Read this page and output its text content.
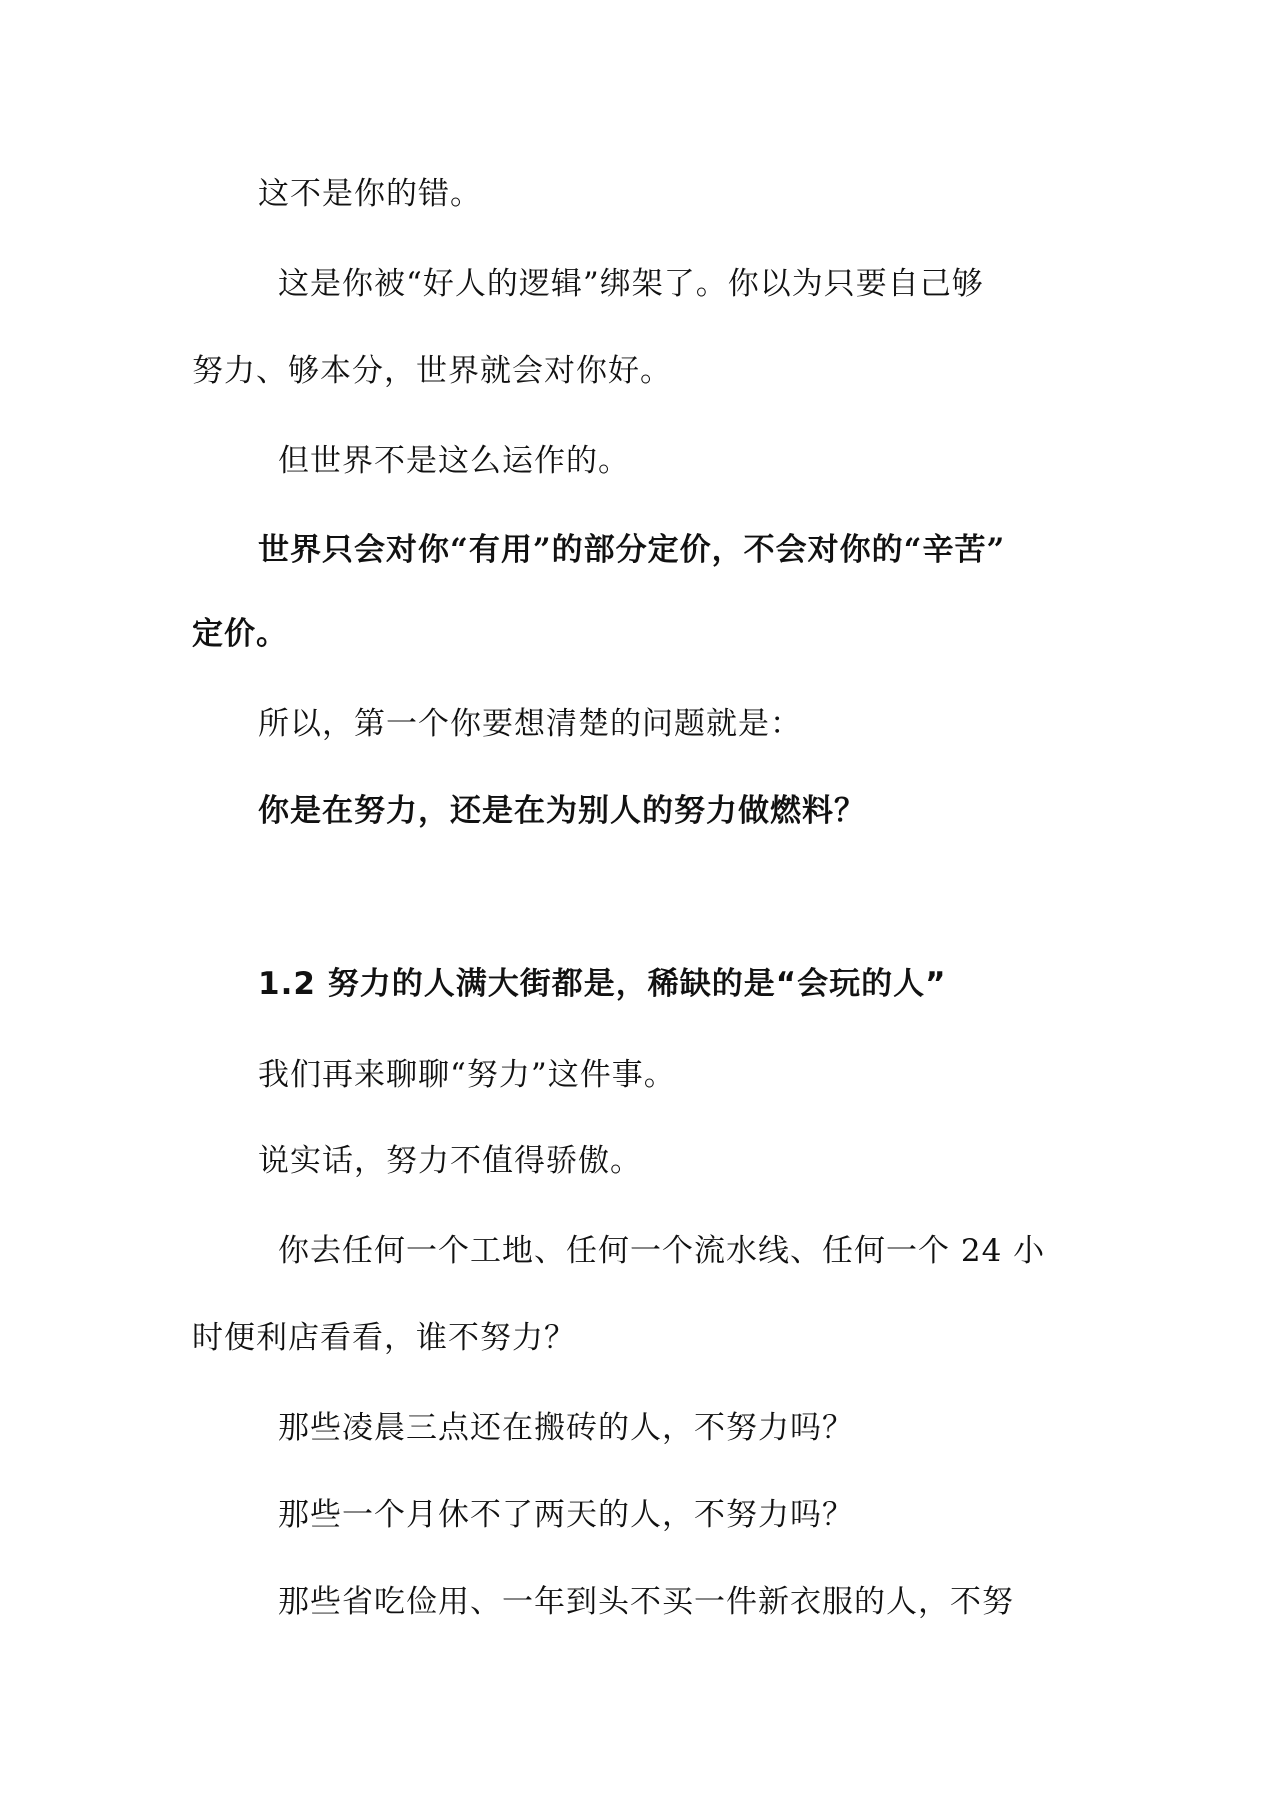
这不是你的错。
这是你被“好人的逻辑”绑架了。你以为只要自己够
努力、够本分，世界就会对你好。
但世界不是这么运作的。
世界只会对你“有用”的部分定价，不会对你的“辛苦”
定价。
所以，第一个你要想清楚的问题就是：
你是在努力，还是在为别人的努力做燃料？
1.2 努力的人满大街都是，稀缺的是“会玩的人”
我们再来聊聊“努力”这件事。
说实话，努力不值得骄傲。
你去任何一个工地、任何一个流水线、任何一个 24 小
时便利店看看，谁不努力？
那些凌晨三点还在搬砖的人，不努力吗？
那些一个月休不了两天的人，不努力吗？
那些省吃俭用、一年到头不买一件新衣服的人，不努
